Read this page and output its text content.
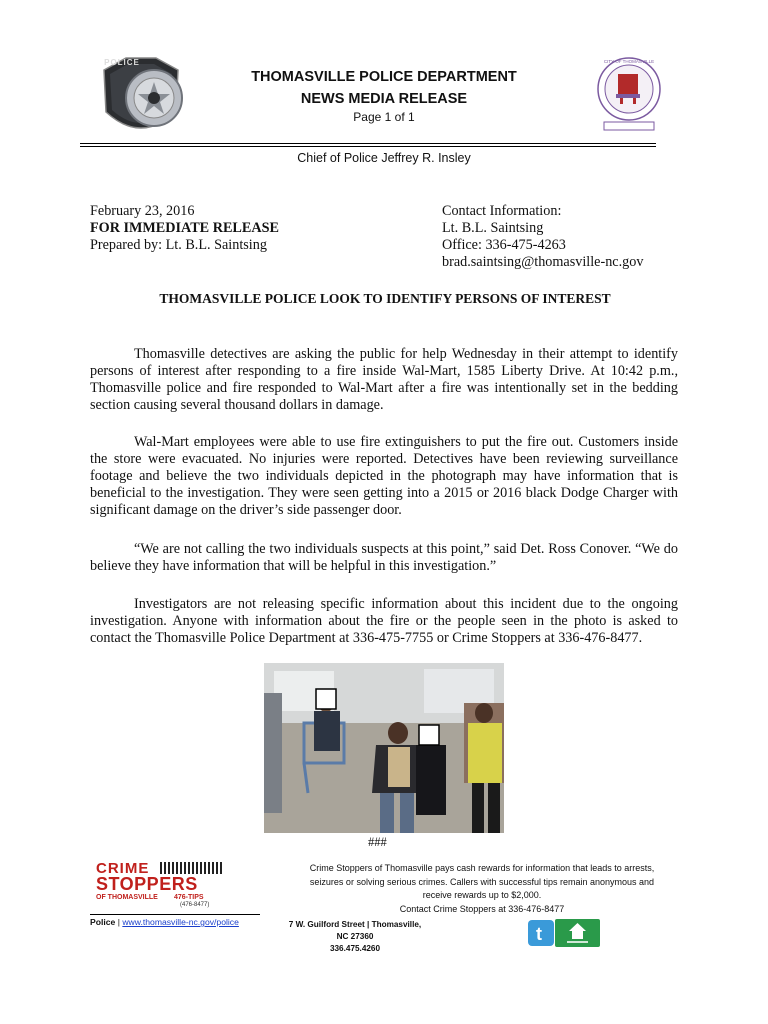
POLICE	CITY OF THOMASVILLE
THOMASVILLE POLICE DEPARTMENT
NEWS MEDIA RELEASE
Page 1 of 1
Chief of Police Jeffrey R. Insley
February 23, 2016
FOR IMMEDIATE RELEASE
Prepared by: Lt. B.L. Saintsing
Contact Information:
Lt. B.L. Saintsing
Office: 336-475-4263
brad.saintsing@thomasville-nc.gov
THOMASVILLE POLICE LOOK TO IDENTIFY PERSONS OF INTEREST
Thomasville detectives are asking the public for help Wednesday in their attempt to identify persons of interest after responding to a fire inside Wal-Mart, 1585 Liberty Drive. At 10:42 p.m., Thomasville police and fire responded to Wal-Mart after a fire was intentionally set in the bedding section causing several thousand dollars in damage.
Wal-Mart employees were able to use fire extinguishers to put the fire out. Customers inside the store were evacuated. No injuries were reported. Detectives have been reviewing surveillance footage and believe the two individuals depicted in the photograph may have information that is beneficial to the investigation. They were seen getting into a 2015 or 2016 black Dodge Charger with significant damage on the driver’s side passenger door.
“We are not calling the two individuals suspects at this point,” said Det. Ross Conover. “We do believe they have information that will be helpful in this investigation.”
Investigators are not releasing specific information about this incident due to the ongoing investigation. Anyone with information about the fire or the people seen in the photo is asked to contact the Thomasville Police Department at 336-475-7755 or Crime Stoppers at 336-476-8477.
###
CRIME
STOPPERS
OF THOMASVILLE 476-TIPS
(476-8477)
Crime Stoppers of Thomasville pays cash rewards for information that leads to arrests,
seizures or solving serious crimes. Callers with successful tips remain anonymous and
receive rewards up to $2,000.
Contact Crime Stoppers at 336-476-8477
Police | www.thomasville-nc.gov/police	7 W. Guilford Street | Thomasville,
NC 27360
336.475.4260
t
